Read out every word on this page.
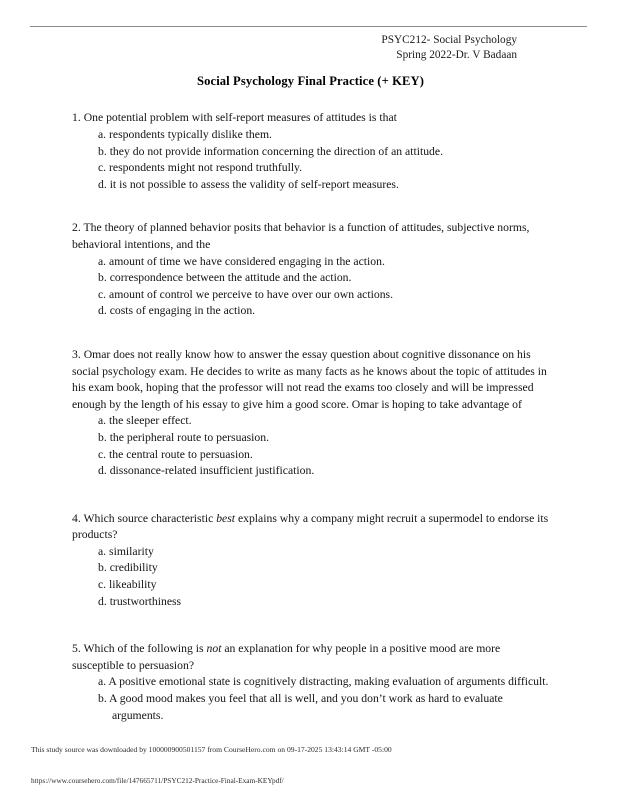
PSYC212- Social Psychology
Spring 2022-Dr. V Badaan
Social Psychology Final Practice (+ KEY)

1. One potential problem with self-report measures of attitudes is that

a. respondents typically dislike them.
b. they do not provide information concerning the direction of an attitude.
c. respondents might not respond truthfully.
d. it is not possible to assess the validity of self-report measures.

2. The theory of planned behavior posits that behavior is a function of attitudes, subjective norms, behavioral intentions, and the

a. amount of time we have considered engaging in the action.
b. correspondence between the attitude and the action.
c. amount of control we perceive to have over our own actions.
d. costs of engaging in the action.

3. Omar does not really know how to answer the essay question about cognitive dissonance on his social psychology exam. He decides to write as many facts as he knows about the topic of attitudes in his exam book, hoping that the professor will not read the exams too closely and will be impressed enough by the length of his essay to give him a good score. Omar is hoping to take advantage of

a. the sleeper effect.
b. the peripheral route to persuasion.
c. the central route to persuasion.
d. dissonance-related insufficient justification.

4. Which source characteristic best explains why a company might recruit a supermodel to endorse its products?

a. similarity
b. credibility
c. likeability
d. trustworthiness

5. Which of the following is not an explanation for why people in a positive mood are more susceptible to persuasion?

a. A positive emotional state is cognitively distracting, making evaluation of arguments difficult.
b. A good mood makes you feel that all is well, and you don’t work as hard to evaluate arguments.
This study source was downloaded by 100000900501157 from CourseHero.com on 09-17-2025 13:43:14 GMT -05:00
https://www.coursehero.com/file/147665711/PSYC212-Practice-Final-Exam-KEYpdf/
